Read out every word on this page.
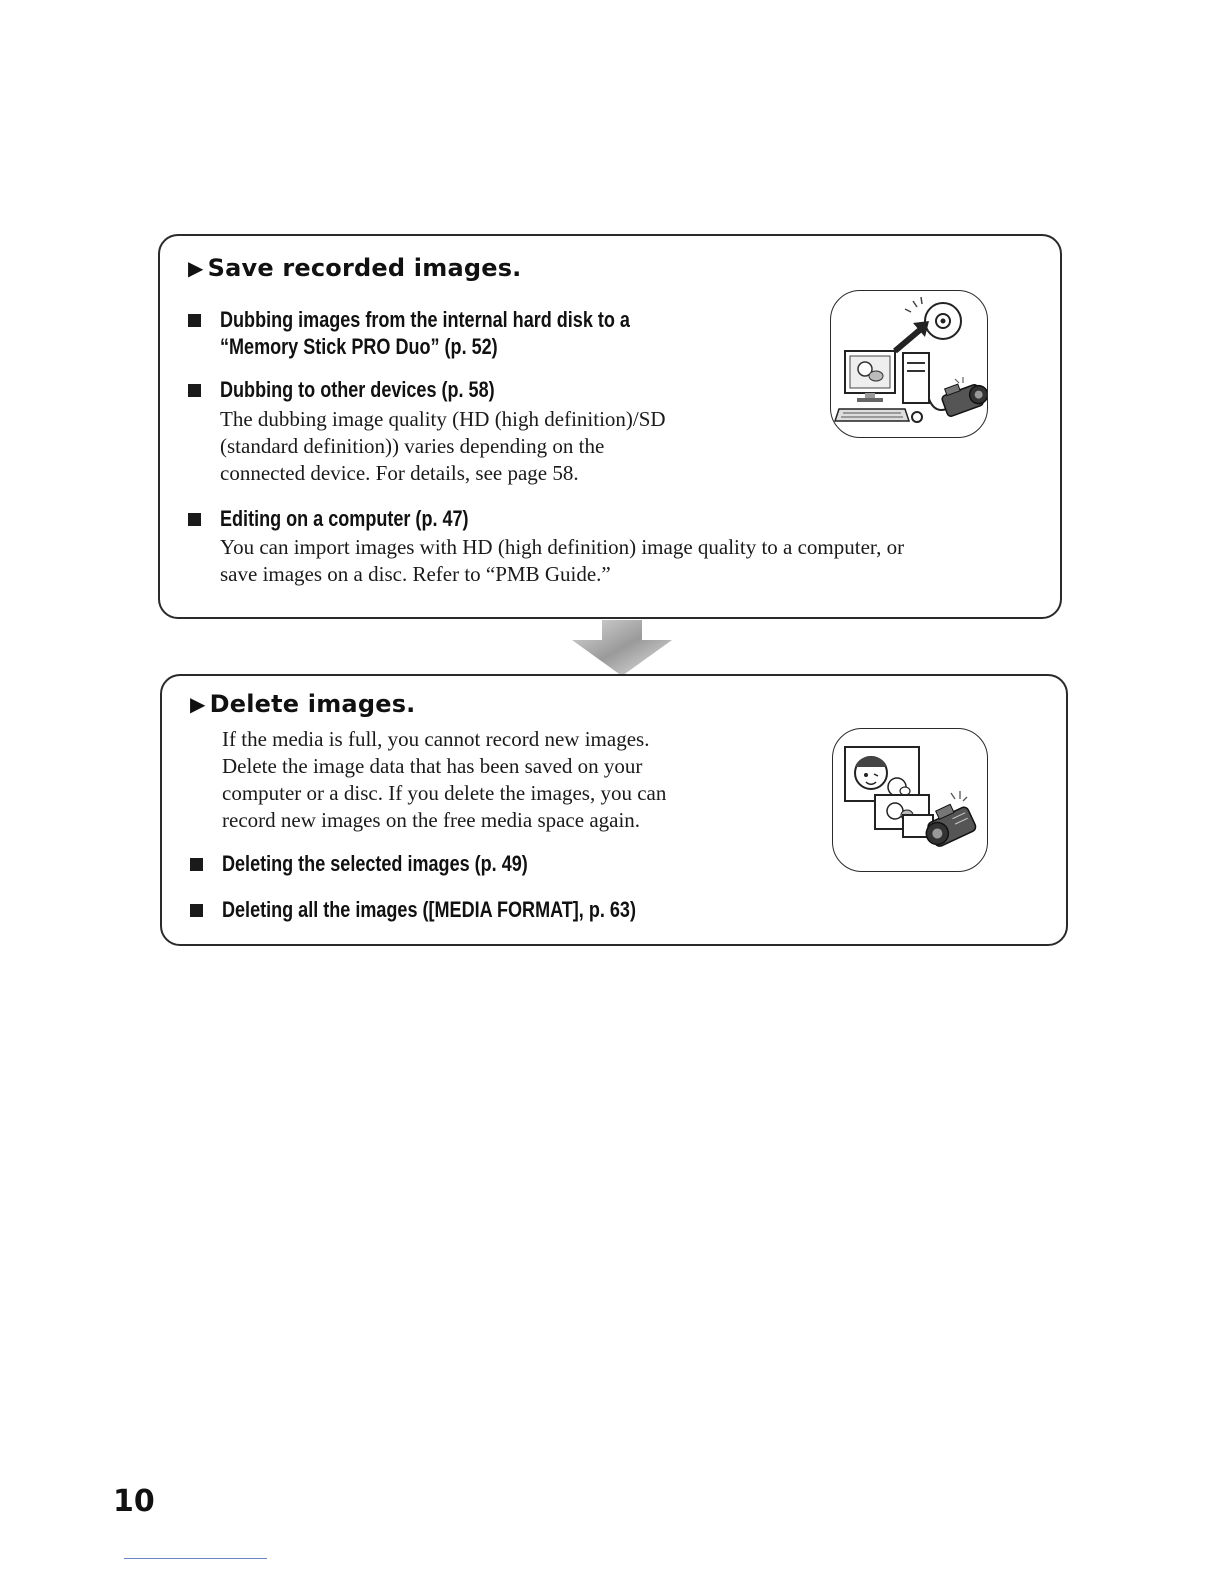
▶ Save recorded images.
Dubbing images from the internal hard disk to a
“Memory Stick PRO Duo” (p. 52)
Dubbing to other devices (p. 58)
The dubbing image quality (HD (high definition)/SD
(standard definition)) varies depending on the
connected device. For details, see page 58.
Editing on a computer (p. 47)
You can import images with HD (high definition) image quality to a computer, or
save images on a disc. Refer to “PMB Guide.”
▶ Delete images.
If the media is full, you cannot record new images.
Delete the image data that has been saved on your
computer or a disc. If you delete the images, you can
record new images on the free media space again.
Deleting the selected images (p. 49)
Deleting all the images ([MEDIA FORMAT], p. 63)
10
